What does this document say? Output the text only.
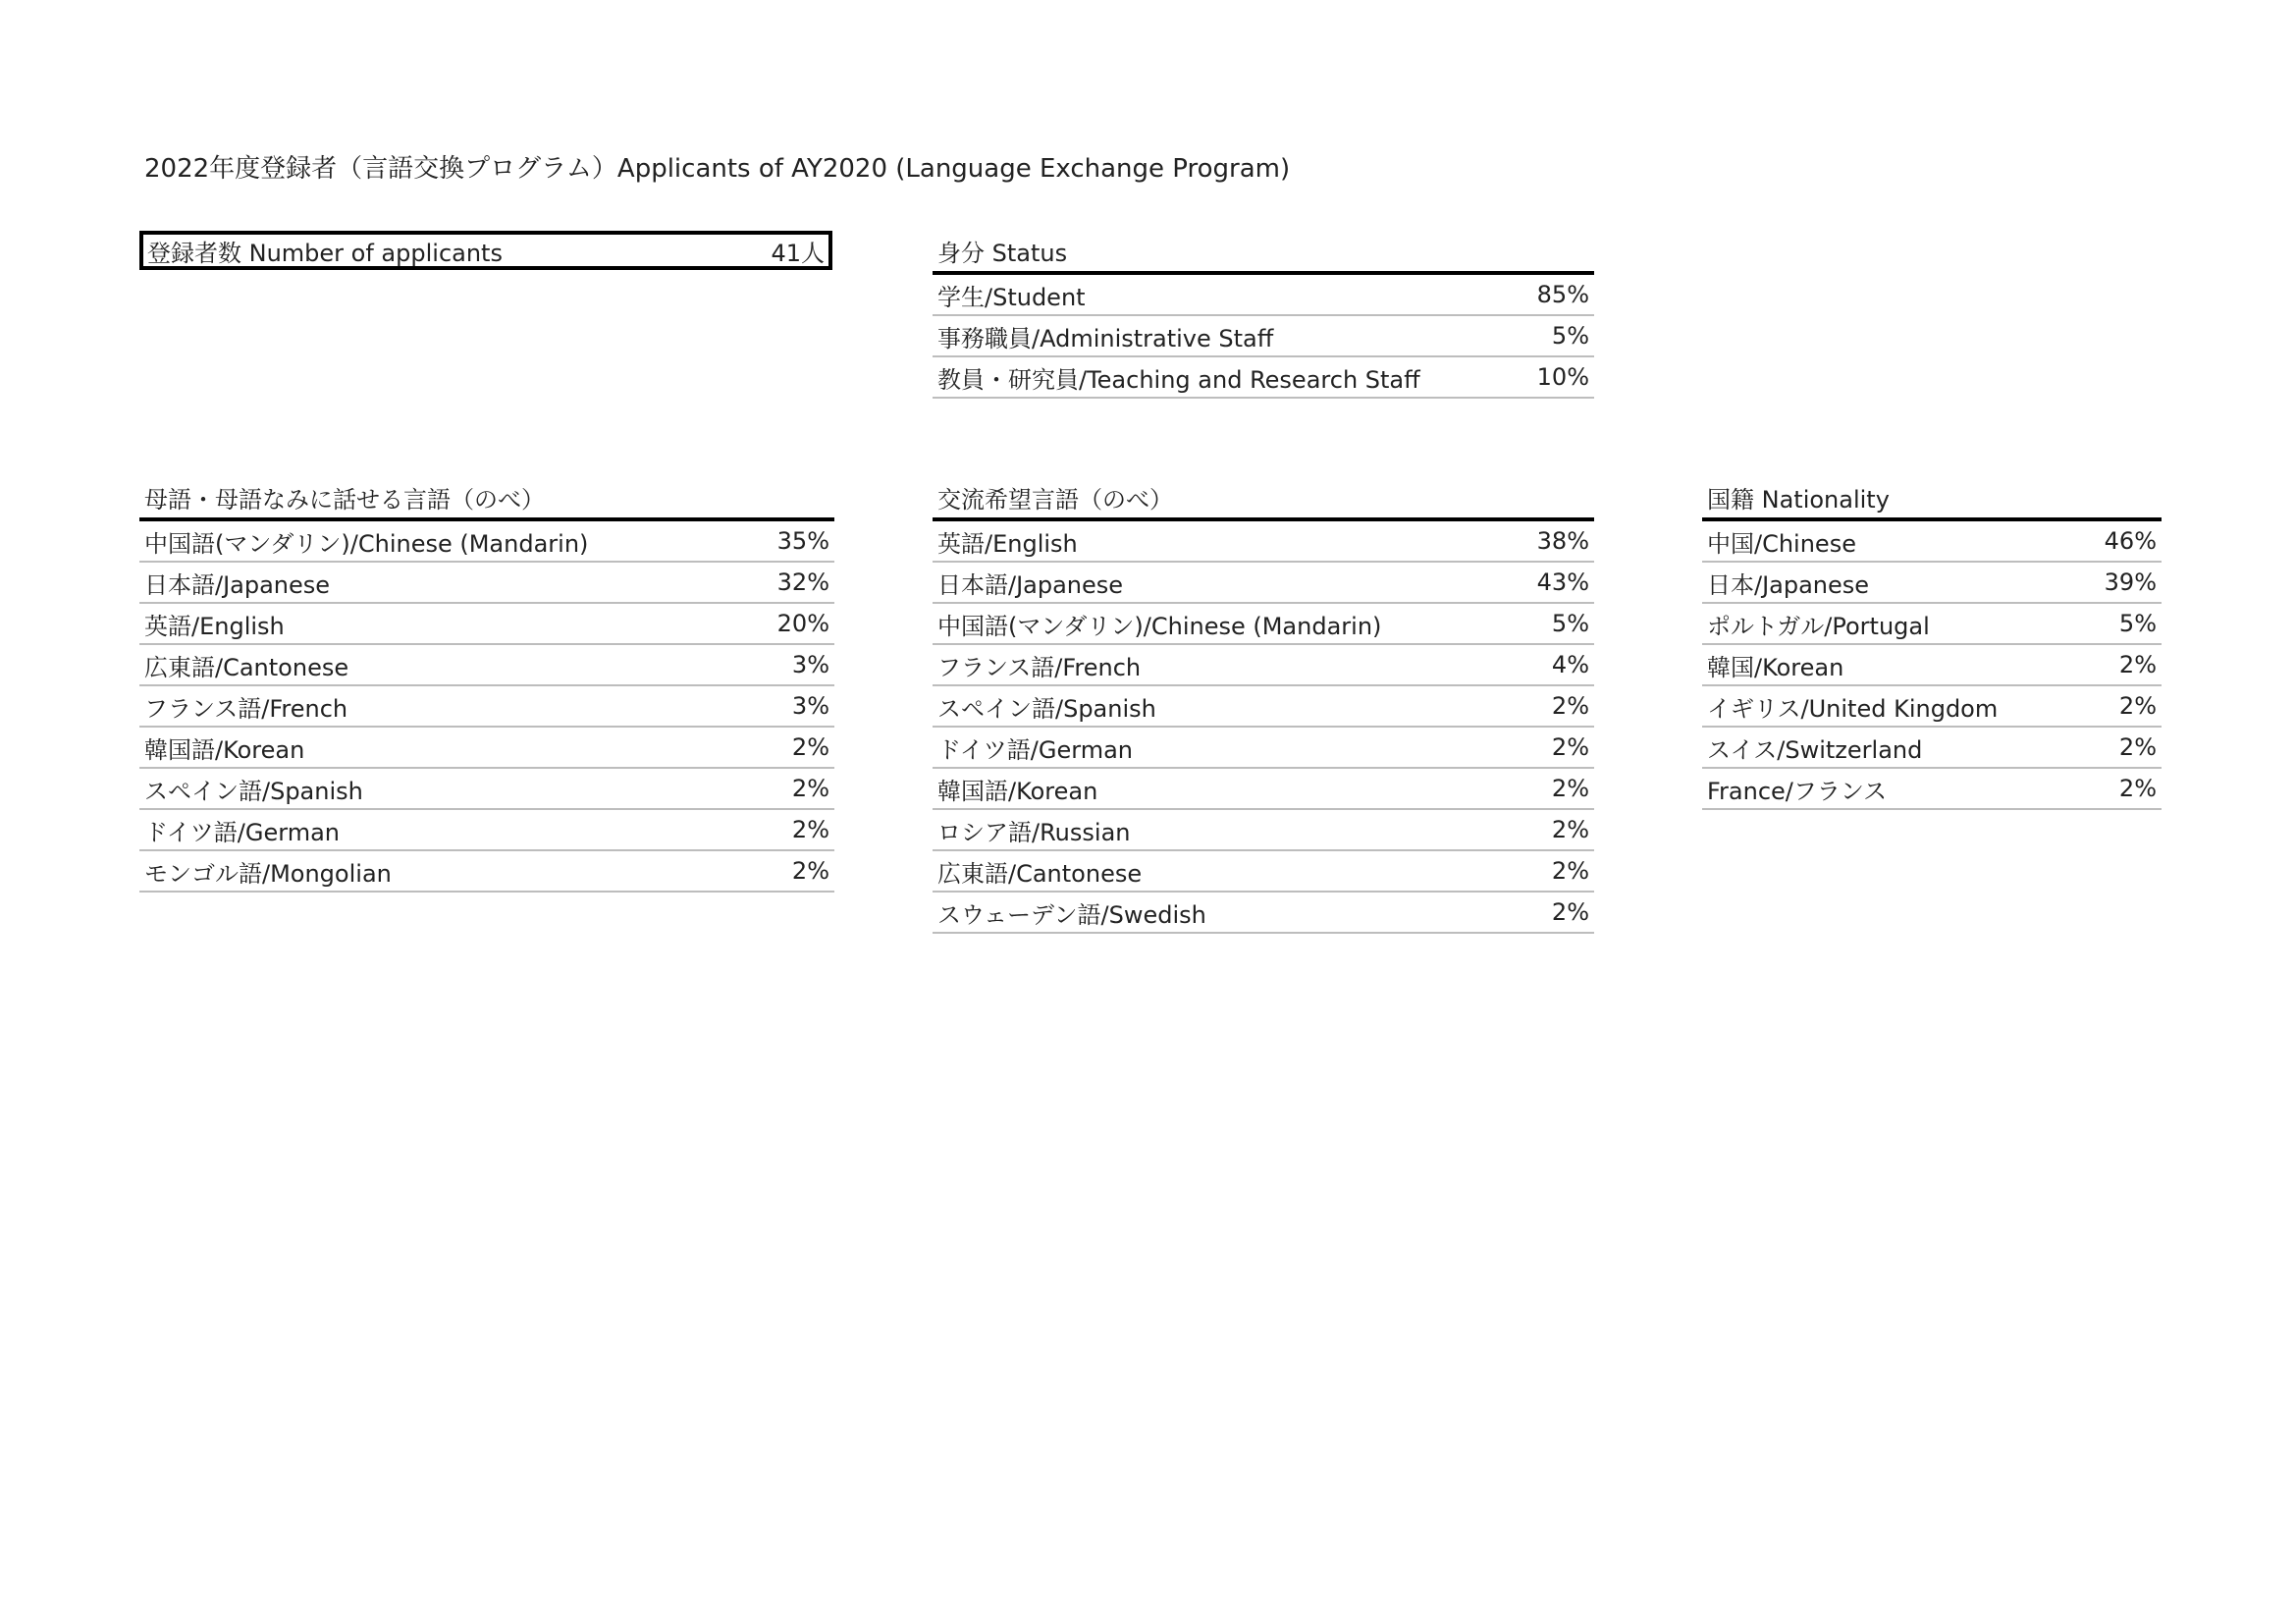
2022年度登録者（言語交換プログラム）Applicants of AY2020 (Language Exchange Program)
登録者数 Number of applicants	41人	身分 Status	
学生/Student	85%
事務職員/Administrative Staff	5%
教員・研究員/Teaching and Research Staff	10%
母語・母語なみに話せる言語（のべ）	
中国語(マンダリン)/Chinese (Mandarin)	35%
日本語/Japanese	32%
英語/English	20%
広東語/Cantonese	3%
フランス語/French	3%
韓国語/Korean	2%
スペイン語/Spanish	2%
ドイツ語/German	2%
モンゴル語/Mongolian	2%
交流希望言語（のべ）	
英語/English	38%
日本語/Japanese	43%
中国語(マンダリン)/Chinese (Mandarin)	5%
フランス語/French	4%
スペイン語/Spanish	2%
ドイツ語/German	2%
韓国語/Korean	2%
ロシア語/Russian	2%
広東語/Cantonese	2%
スウェーデン語/Swedish	2%
国籍 Nationality	
中国/Chinese	46%
日本/Japanese	39%
ポルトガル/Portugal	5%
韓国/Korean	2%
イギリス/United Kingdom	2%
スイス/Switzerland	2%
France/フランス	2%
